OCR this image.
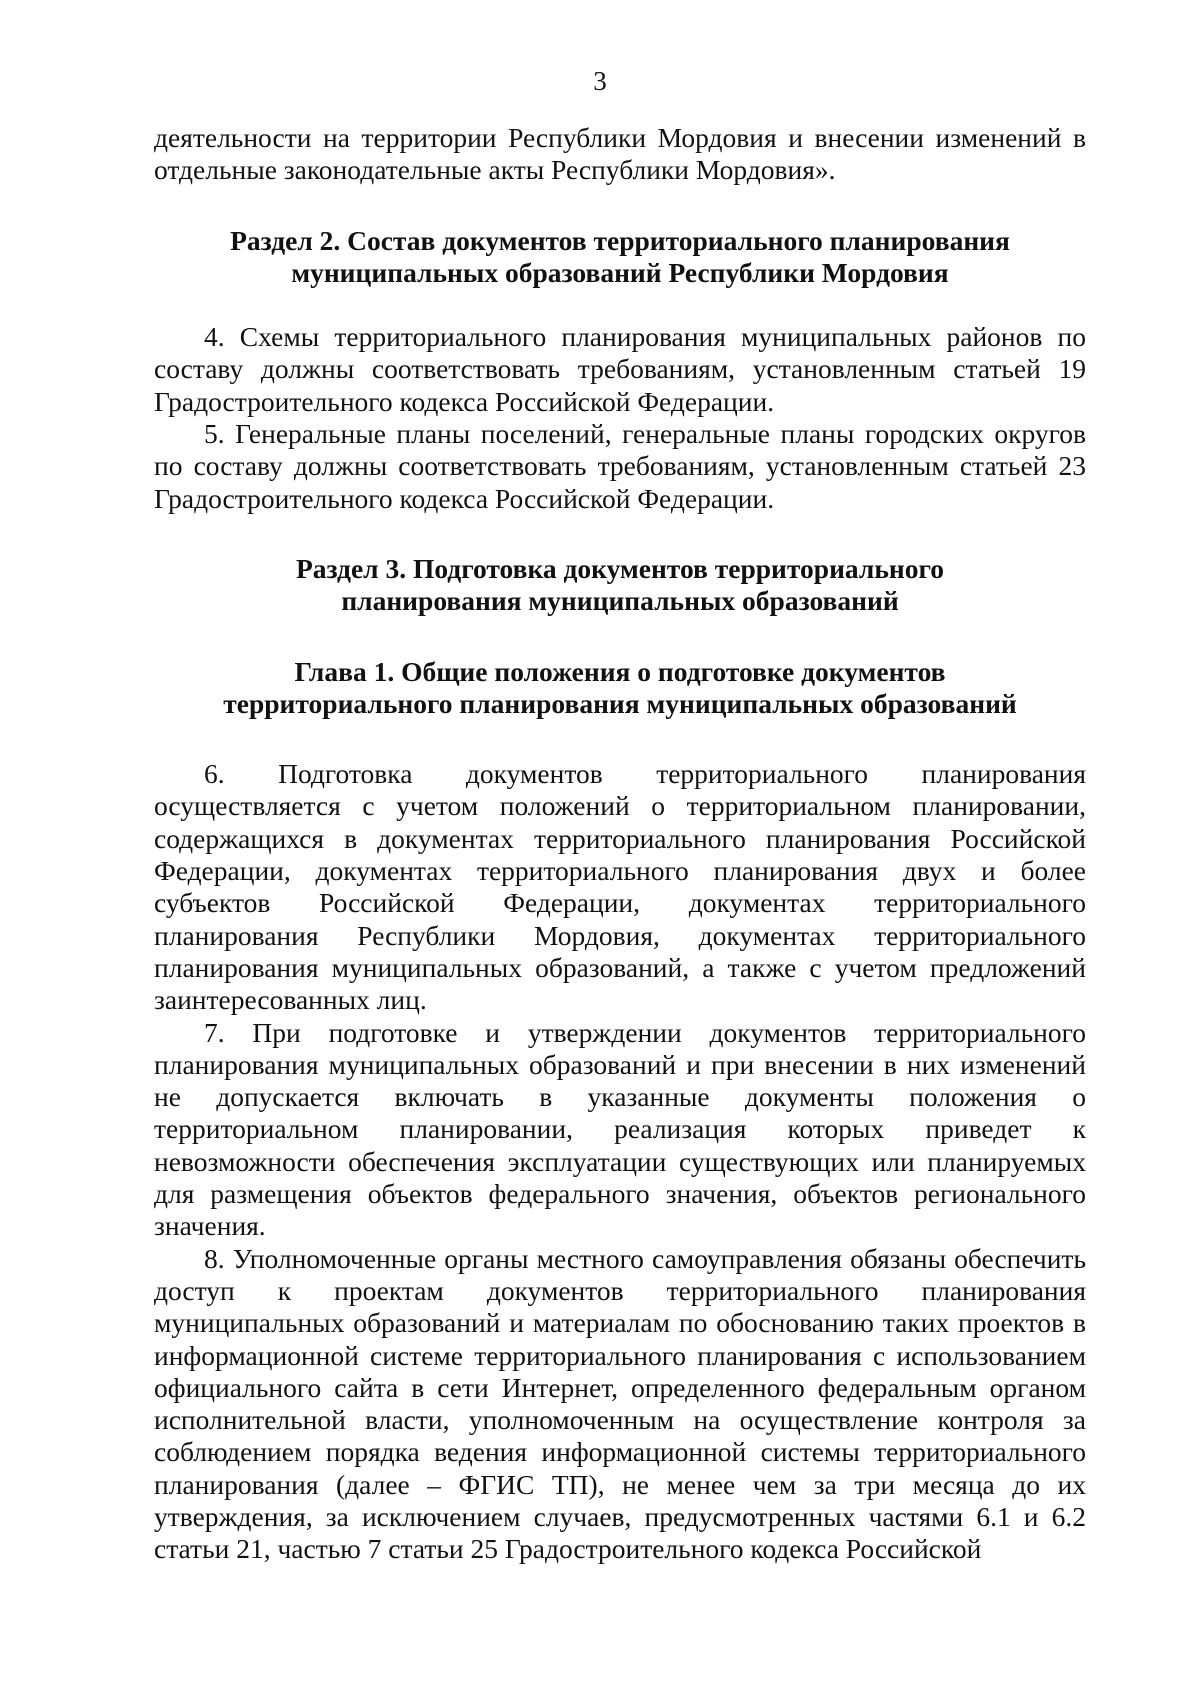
3

деятельности на территории Республики Мордовия и внесении изменений в отдельные законодательные акты Республики Мордовия».

Раздел 2. Состав документов территориального планирования
муниципальных образований Республики Мордовия

4. Схемы территориального планирования муниципальных районов по составу должны соответствовать требованиям, установленным статьей 19 Градостроительного кодекса Российской Федерации.

5. Генеральные планы поселений, генеральные планы городских округов по составу должны соответствовать требованиям, установленным статьей 23 Градостроительного кодекса Российской Федерации.

Раздел 3. Подготовка документов территориального
планирования муниципальных образований
Глава 1. Общие положения о подготовке документов
территориального планирования муниципальных образований

6. Подготовка документов территориального планирования осуществляется с учетом положений о территориальном планировании, содержащихся в документах территориального планирования Российской Федерации, документах территориального планирования двух и более субъектов Российской Федерации, документах территориального планирования Республики Мордовия, документах территориального планирования муниципальных образований, а также с учетом предложений заинтересованных лиц.

7. При подготовке и утверждении документов территориального планирования муниципальных образований и при внесении в них изменений не допускается включать в указанные документы положения о территориальном планировании, реализация которых приведет к невозможности обеспечения эксплуатации существующих или планируемых для размещения объектов федерального значения, объектов регионального значения.

8. Уполномоченные органы местного самоуправления обязаны обеспечить доступ к проектам документов территориального планирования муниципальных образований и материалам по обоснованию таких проектов в информационной системе территориального планирования с использованием официального сайта в сети Интернет, определенного федеральным органом исполнительной власти, уполномоченным на осуществление контроля за соблюдением порядка ведения информационной системы территориального планирования (далее – ФГИС ТП), не менее чем за три месяца до их утверждения, за исключением случаев, предусмотренных частями 6.1 и 6.2 статьи 21, частью 7 статьи 25 Градостроительного кодекса Российской
